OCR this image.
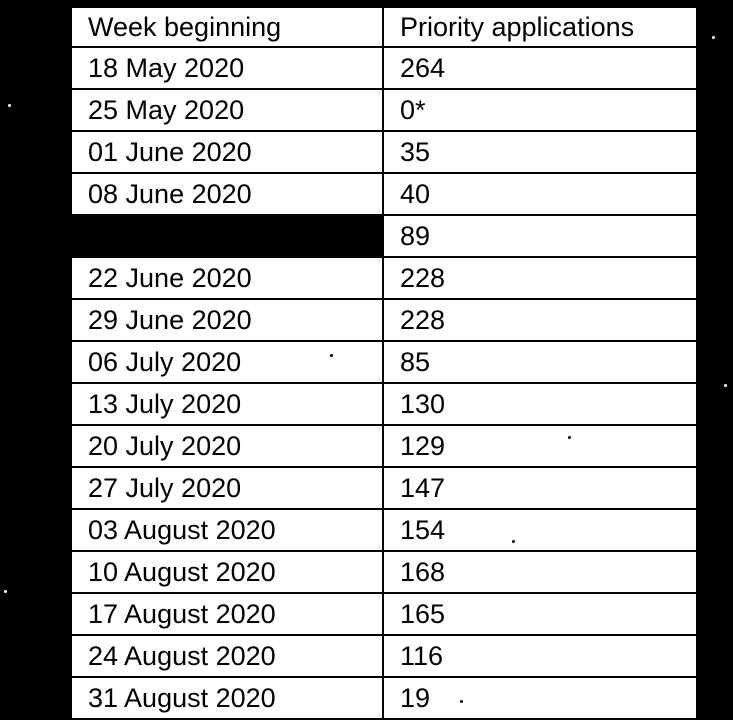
Week beginning	Priority applications
18 May 2020	264
25 May 2020	0*
01 June 2020	35
08 June 2020	40
	89
22 June 2020	228
29 June 2020	228
06 July 2020	85
13 July 2020	130
20 July 2020	129
27 July 2020	147
03 August 2020	154
10 August 2020	168
17 August 2020	165
24 August 2020	116
31 August 2020	19
